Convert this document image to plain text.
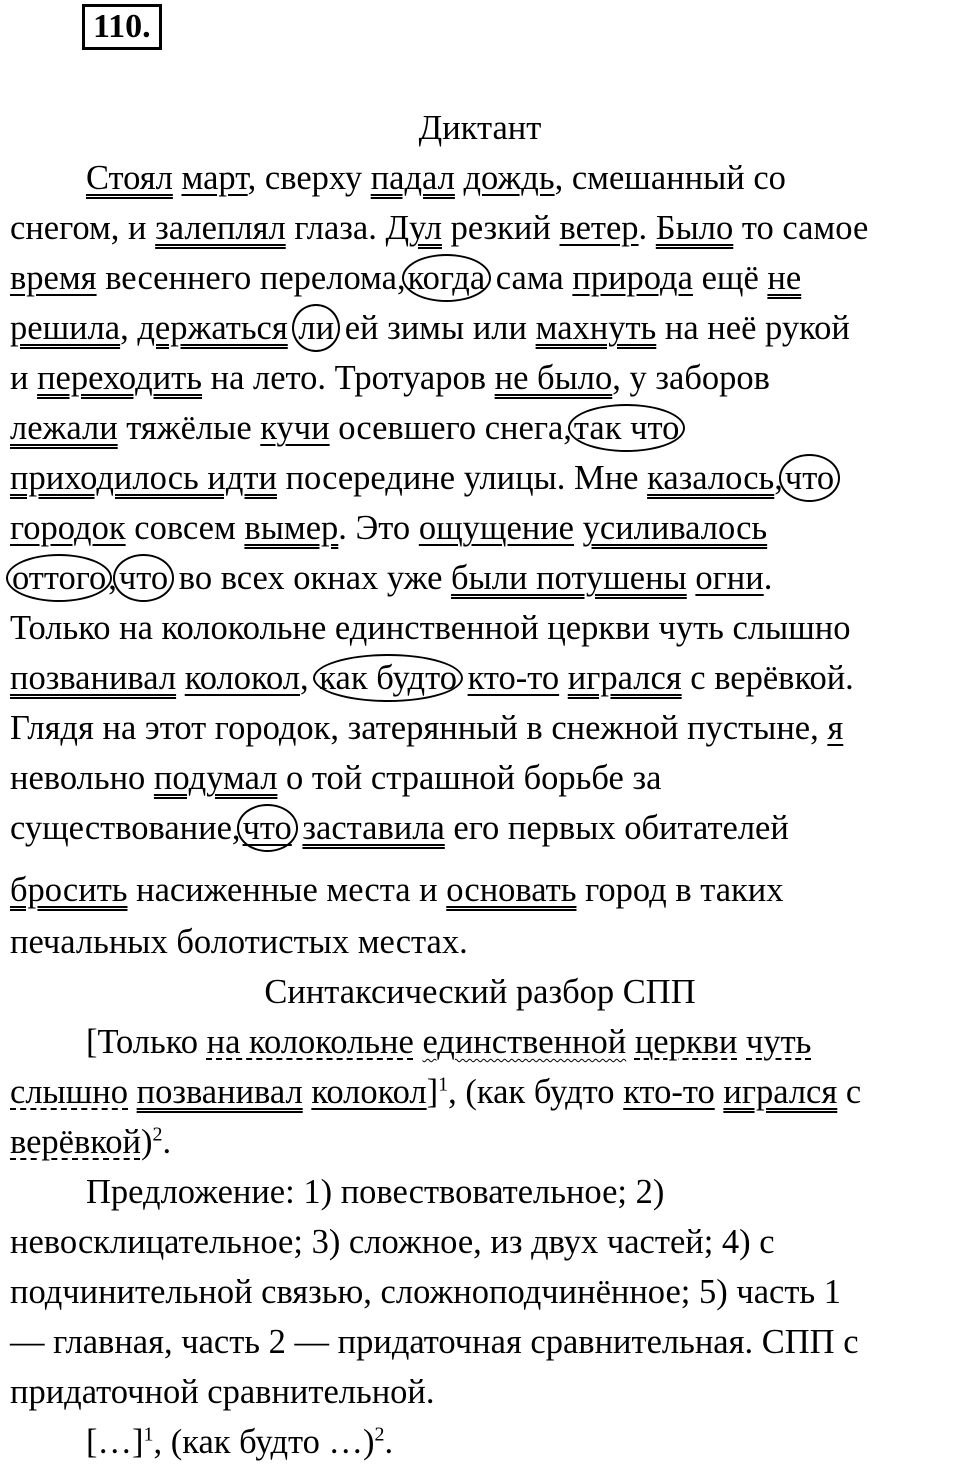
110.
Диктант
Стоял март, сверху падал дождь, смешанный со
снегом, и залеплял глаза. Дул резкий ветер. Было то самое
время весеннего перелома,когда сама природа ещё не
решила, держаться ли ей зимы или махнуть на неё рукой
и переходить на лето. Тротуаров не было, у заборов
лежали тяжёлые кучи осевшего снега,так что
приходилось идти посередине улицы. Мне казалось,что
городок совсем вымер. Это ощущение усиливалось
оттого,что во всех окнах уже были потушены огни.
Только на колокольне единственной церкви чуть слышно
позванивал колокол, как будто кто-то игрался с верёвкой.
Глядя на этот городок, затерянный в снежной пустыне, я
невольно подумал о той страшной борьбе за
существование,что заставила его первых обитателей
бросить насиженные места и основать город в таких
печальных болотистых местах.
Синтаксический разбор СПП
[Только на колокольне единственной церкви чуть
слышно позванивал колокол]$^1$, (как будто кто-то игрался с
верёвкой)$^2$.
Предложение: 1) повествовательное; 2)
невосклицательное; 3) сложное, из двух частей; 4) с
подчинительной связью, сложноподчинённое; 5) часть 1
— главная, часть 2 — придаточная сравнительная. СПП с
придаточной сравнительной.
[…]$^1$, (как будто …)$^2$.
